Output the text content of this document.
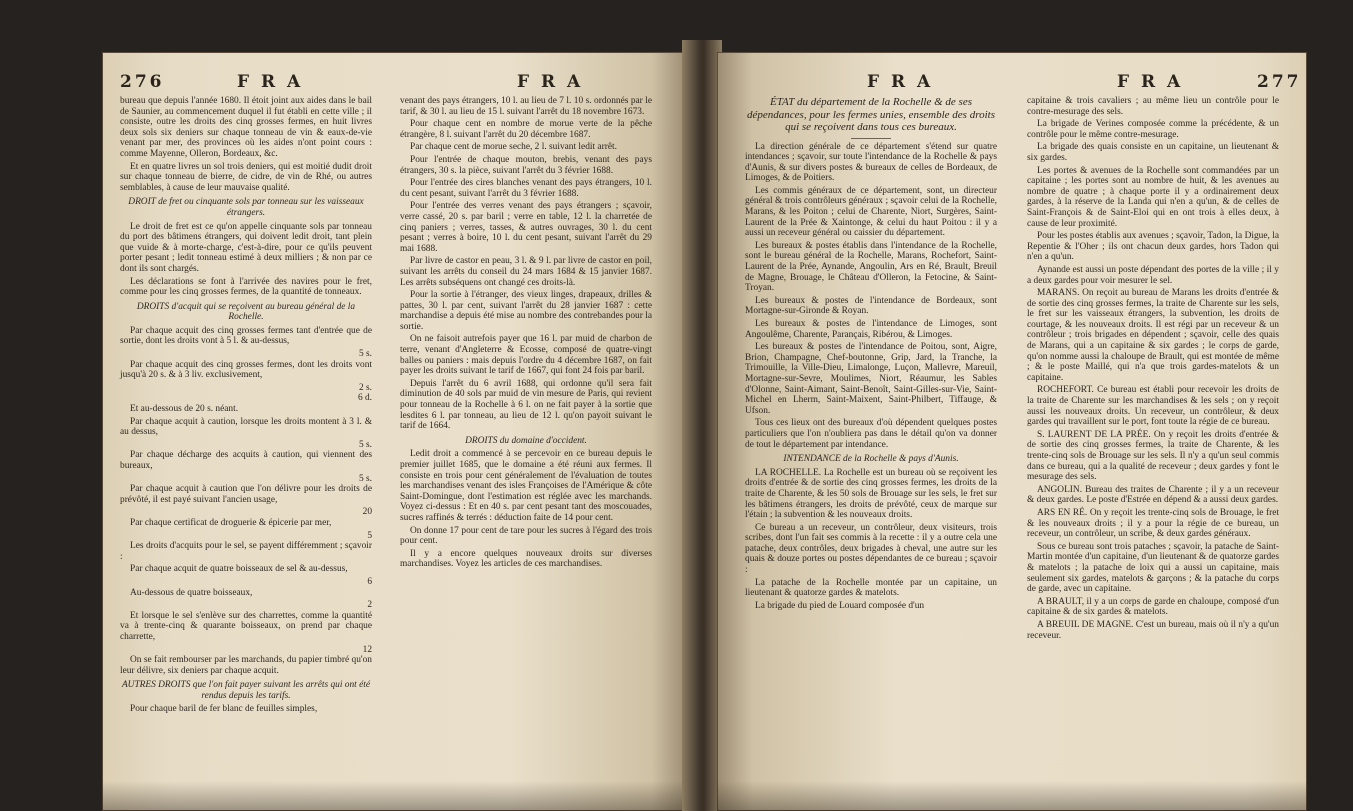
276	F R A	F R A

bureau que depuis l'année 1680. Il étoit joint aux aides dans le bail de Saunier, au commencement duquel il fut établi en cette ville ; il consiste, outre les droits des cinq grosses fermes, en huit livres deux sols six deniers sur chaque tonneau de vin & eaux-de-vie venant par mer, des provinces où les aides n'ont point cours : comme Mayenne, Olleron, Bordeaux, &c.

Et en quatre livres un sol trois deniers, qui est moitié dudit droit sur chaque tonneau de bierre, de cidre, de vin de Rhé, ou autres semblables, à cause de leur mauvaise qualité.

DROIT de fret ou cinquante sols par tonneau sur les vaisseaux étrangers.

Le droit de fret est ce qu'on appelle cinquante sols par tonneau du port des bâtimens étrangers, qui doivent ledit droit, tant plein que vuide & à morte-charge, c'est-à-dire, pour ce qu'ils peuvent porter pesant ; ledit tonneau estimé à deux milliers ; & non par ce dont ils sont chargés.

Les déclarations se font à l'arrivée des navires pour le fret, comme pour les cinq grosses fermes, de la quantité de tonneaux.

DROITS d'acquit qui se reçoivent au bureau général de la Rochelle.

Par chaque acquit des cinq grosses fermes tant d'entrée que de sortie, dont les droits vont à 5 l. & au-dessus,

5 s.

Par chaque acquit des cinq grosses fermes, dont les droits vont jusqu'à 20 s. & à 3 liv. exclusivement,

2 s.
6 d.

Et au-dessous de 20 s. néant.

Par chaque acquit à caution, lorsque les droits montent à 3 l. & au dessus,

5 s.

Par chaque décharge des acquits à caution, qui viennent des bureaux,

5 s.

Par chaque acquit à caution que l'on délivre pour les droits de prévôté, il est payé suivant l'ancien usage,

20

Par chaque certificat de droguerie & épicerie par mer,

5

Les droits d'acquits pour le sel, se payent différemment ; sçavoir :

Par chaque acquit de quatre boisseaux de sel & au-dessus,

6

Au-dessous de quatre boisseaux,

2

Et lorsque le sel s'enlève sur des charrettes, comme la quantité va à trente-cinq & quarante boisseaux, on prend par chaque charrette,

12

On se fait rembourser par les marchands, du papier timbré qu'on leur délivre, six deniers par chaque acquit.

AUTRES DROITS que l'on fait payer suivant les arrêts qui ont été rendus depuis les tarifs.

Pour chaque baril de fer blanc de feuilles simples,

venant des pays étrangers, 10 l. au lieu de 7 l. 10 s. ordonnés par le tarif, & 30 l. au lieu de 15 l. suivant l'arrêt du 18 novembre 1673.

Pour chaque cent en nombre de morue verte de la pêche étrangère, 8 l. suivant l'arrêt du 20 décembre 1687.

Par chaque cent de morue seche, 2 l. suivant ledit arrêt.

Pour l'entrée de chaque mouton, brebis, venant des pays étrangers, 30 s. la pièce, suivant l'arrêt du 3 février 1688.

Pour l'entrée des cires blanches venant des pays étrangers, 10 l. du cent pesant, suivant l'arrêt du 3 février 1688.

Pour l'entrée des verres venant des pays étrangers ; sçavoir, verre cassé, 20 s. par baril ; verre en table, 12 l. la charretée de cinq paniers ; verres, tasses, & autres ouvrages, 30 l. du cent pesant ; verres à boire, 10 l. du cent pesant, suivant l'arrêt du 29 mai 1688.

Par livre de castor en peau, 3 l. & 9 l. par livre de castor en poil, suivant les arrêts du conseil du 24 mars 1684 & 15 janvier 1687. Les arrêts subséquens ont changé ces droits-là.

Pour la sortie à l'étranger, des vieux linges, drapeaux, drilles & pattes, 30 l. par cent, suivant l'arrêt du 28 janvier 1687 : cette marchandise a depuis été mise au nombre des contrebandes pour la sortie.

On ne faisoit autrefois payer que 16 l. par muid de charbon de terre, venant d'Angleterre & Ecosse, composé de quatre-vingt balles ou paniers : mais depuis l'ordre du 4 décembre 1687, on fait payer les droits suivant le tarif de 1667, qui font 24 fois par baril.

Depuis l'arrêt du 6 avril 1688, qui ordonne qu'il sera fait diminution de 40 sols par muid de vin mesure de Paris, qui revient pour tonneau de la Rochelle à 6 l. on ne fait payer à la sortie que lesdites 6 l. par tonneau, au lieu de 12 l. qu'on payoit suivant le tarif de 1664.

DROITS du domaine d'occident.

Ledit droit a commencé à se percevoir en ce bureau depuis le premier juillet 1685, que le domaine a été réuni aux fermes. Il consiste en trois pour cent généralement de l'évaluation de toutes les marchandises venant des isles Françoises de l'Amérique & côte Saint-Domingue, dont l'estimation est réglée avec les marchands. Voyez ci-dessus : Et en 40 s. par cent pesant tant des moscouades, sucres raffinés & terrés : déduction faite de 14 pour cent.

On donne 17 pour cent de tare pour les sucres à l'égard des trois pour cent.

Il y a encore quelques nouveaux droits sur diverses marchandises. Voyez les articles de ces marchandises.

F R A	F R A	277

ÉTAT du département de la Rochelle & de ses dépendances, pour les fermes unies, ensemble des droits qui se reçoivent dans tous ces bureaux.

La direction générale de ce département s'étend sur quatre intendances ; sçavoir, sur toute l'intendance de la Rochelle & pays d'Aunis, & sur divers postes & bureaux de celles de Bordeaux, de Limoges, & de Poitiers.

Les commis généraux de ce département, sont, un directeur général & trois contrôleurs généraux ; sçavoir celui de la Rochelle, Marans, & les Poiton ; celui de Charente, Niort, Surgères, Saint-Laurent de la Prée & Xaintonge, & celui du haut Poitou : il y a aussi un receveur général ou caissier du département.

Les bureaux & postes établis dans l'intendance de la Rochelle, sont le bureau général de la Rochelle, Marans, Rochefort, Saint-Laurent de la Prée, Aynande, Angoulin, Ars en Ré, Brault, Breuil de Magne, Brouage, le Château d'Olleron, la Fetocine, & Saint-Troyan.

Les bureaux & postes de l'intendance de Bordeaux, sont Mortagne-sur-Gironde & Royan.

Les bureaux & postes de l'intendance de Limoges, sont Angoulême, Charente, Parançais, Ribérou, & Limoges.

Les bureaux & postes de l'intendance de Poitou, sont, Aigre, Brion, Champagne, Chef-boutonne, Grip, Jard, la Tranche, la Trimouille, la Ville-Dieu, Limalonge, Luçon, Mallevre, Mareuil, Mortagne-sur-Sevre, Moulimes, Niort, Réaumur, les Sables d'Olonne, Saint-Aimant, Saint-Benoît, Saint-Gilles-sur-Vie, Saint-Michel en Lherm, Saint-Maixent, Saint-Philbert, Tiffauge, & Ufson.

Tous ces lieux ont des bureaux d'où dépendent quelques postes particuliers que l'on n'oubliera pas dans le détail qu'on va donner de tout le département par intendance.

INTENDANCE de la Rochelle & pays d'Aunis.

LA ROCHELLE. La Rochelle est un bureau où se reçoivent les droits d'entrée & de sortie des cinq grosses fermes, les droits de la traite de Charente, & les 50 sols de Brouage sur les sels, le fret sur les bâtimens étrangers, les droits de prévôté, ceux de marque sur l'étain ; la subvention & les nouveaux droits.

Ce bureau a un receveur, un contrôleur, deux visiteurs, trois scribes, dont l'un fait ses commis à la recette : il y a outre cela une patache, deux contrôles, deux brigades à cheval, une autre sur les quais & douze portes ou postes dépendantes de ce bureau ; sçavoir :

La patache de la Rochelle montée par un capitaine, un lieutenant & quatorze gardes & matelots.

La brigade du pied de Louard composée d'un

capitaine & trois cavaliers ; au même lieu un contrôle pour le contre-mesurage des sels.

La brigade de Verines composée comme la précédente, & un contrôle pour le même contre-mesurage.

La brigade des quais consiste en un capitaine, un lieutenant & six gardes.

Les portes & avenues de la Rochelle sont commandées par un capitaine ; les portes sont au nombre de huit, & les avenues au nombre de quatre ; à chaque porte il y a ordinairement deux gardes, à la réserve de la Landa qui n'en a qu'un, & de celles de Saint-François & de Saint-Eloi qui en ont trois à elles deux, à cause de leur proximité.

Pour les postes établis aux avenues ; sçavoir, Tadon, la Digue, la Repentie & l'Oher ; ils ont chacun deux gardes, hors Tadon qui n'en a qu'un.

Aynande est aussi un poste dépendant des portes de la ville ; il y a deux gardes pour voir mesurer le sel.

MARANS. On reçoit au bureau de Marans les droits d'entrée & de sortie des cinq grosses fermes, la traite de Charente sur les sels, le fret sur les vaisseaux étrangers, la subvention, les droits de courtage, & les nouveaux droits. Il est régi par un receveur & un contrôleur ; trois brigades en dépendent ; sçavoir, celle des quais de Marans, qui a un capitaine & six gardes ; le corps de garde, qu'on nomme aussi la chaloupe de Brault, qui est montée de même ; & le poste Maillé, qui n'a que trois gardes-matelots & un capitaine.

ROCHEFORT. Ce bureau est établi pour recevoir les droits de la traite de Charente sur les marchandises & les sels ; on y reçoit aussi les nouveaux droits. Un receveur, un contrôleur, & deux gardes qui travaillent sur le port, font toute la régie de ce bureau.

S. LAURENT DE LA PRÉE. On y reçoit les droits d'entrée & de sortie des cinq grosses fermes, la traite de Charente, & les trente-cinq sols de Brouage sur les sels. Il n'y a qu'un seul commis dans ce bureau, qui a la qualité de receveur ; deux gardes y font le mesurage des sels.

ANGOLIN. Bureau des traites de Charente ; il y a un receveur & deux gardes. Le poste d'Estrée en dépend & a aussi deux gardes.

ARS EN RÉ. On y reçoit les trente-cinq sols de Brouage, le fret & les nouveaux droits ; il y a pour la régie de ce bureau, un receveur, un contrôleur, un scribe, & deux gardes généraux.

Sous ce bureau sont trois pataches ; sçavoir, la patache de Saint-Martin montée d'un capitaine, d'un lieutenant & de quatorze gardes & matelots ; la patache de loix qui a aussi un capitaine, mais seulement six gardes, matelots & garçons ; & la patache du corps de garde, avec un capitaine.

A BRAULT, il y a un corps de garde en chaloupe, composé d'un capitaine & de six gardes & matelots.

A BREUIL DE MAGNE. C'est un bureau, mais où il n'y a qu'un receveur.
